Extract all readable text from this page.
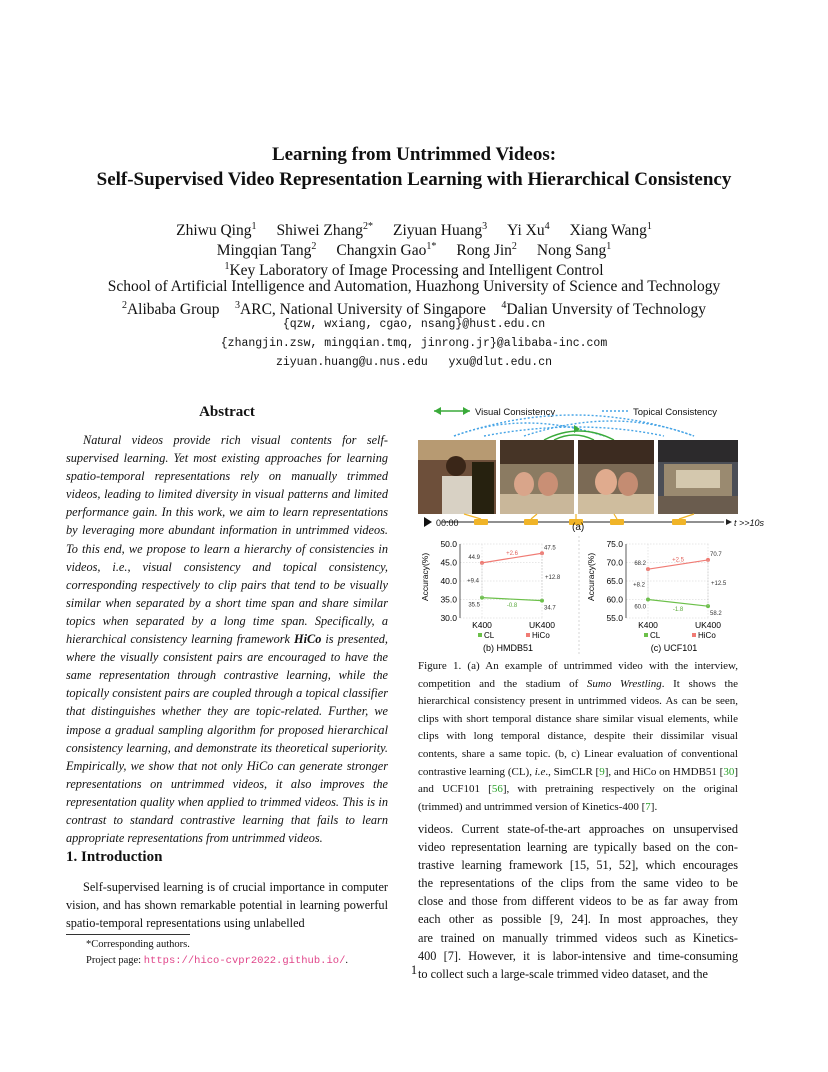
Learning from Untrimmed Videos:
Self-Supervised Video Representation Learning with Hierarchical Consistency
Zhiwu Qing$^1$ Shiwei Zhang$^{2*}$ Ziyuan Huang$^3$ Yi Xu$^4$ Xiang Wang$^1$
Mingqian Tang$^2$ Changxin Gao$^{1*}$ Rong Jin$^2$ Nong Sang$^1$
$^1$Key Laboratory of Image Processing and Intelligent Control
School of Artificial Intelligence and Automation, Huazhong University of Science and Technology
$^2$Alibaba Group $^3$ARC, National University of Singapore $^4$Dalian Unversity of Technology
{qzw, wxiang, cgao, nsang}@hust.edu.cn
{zhangjin.zsw, mingqian.tmq, jinrong.jr}@alibaba-inc.com
ziyuan.huang@u.nus.edu   yxu@dlut.edu.cn
Abstract
Natural videos provide rich visual contents for self-supervised learning. Yet most existing approaches for learning spatio-temporal representations rely on manually trimmed videos, leading to limited diversity in visual patterns and limited performance gain. In this work, we aim to learn representations by leveraging more abundant information in untrimmed videos. To this end, we propose to learn a hierarchy of consistencies in videos, i.e., visual consistency and topical consistency, corresponding respectively to clip pairs that tend to be visually similar when separated by a short time span and share similar topics when separated by a long time span. Specifically, a hierarchical consistency learning framework HiCo is presented, where the visually consistent pairs are encouraged to have the same representation through contrastive learning, while the topically consistent pairs are coupled through a topical classifier that distinguishes whether they are topic-related. Further, we impose a gradual sampling algorithm for proposed hierarchical consistency learning, and demonstrate its theoretical superiority. Empirically, we show that not only HiCo can generate stronger representations on untrimmed videos, it also improves the representation quality when applied to trimmed videos. This is in contrast to standard contrastive learning that fails to learn appropriate representations from untrimmed videos.
1. Introduction
Self-supervised learning is of crucial importance in computer vision, and has shown remarkable potential in learning powerful spatio-temporal representations using unlabelled
*Corresponding authors.
Project page: https://hico-cvpr2022.github.io/.
Visual Consistency	Topical Consistency
00:00	t >>10s
(a)
Accuracy(%)
30.0
35.0
40.0
45.0
50.0
K400	UK400
35.5	34.7
44.9
47.5
+2.6
-0.8
+9.4
+12.8
CL	HiCo
(b) HMDB51
Accuracy(%)
55.0
60.0
65.0
70.0
75.0
K400	UK400
60.0
58.2
68.2
70.7
+2.5
-1.8
+8.2	+12.5
CL	HiCo
(c) UCF101
Figure 1. (a) An example of untrimmed video with the interview, competition and the stadium of Sumo Wrestling. It shows the hierarchical consistency present in untrimmed videos. As can be seen, clips with short temporal distance share similar visual elements, while clips with long temporal distance, despite their dissimilar visual contents, share a same topic. (b, c) Linear evaluation of conventional contrastive learning (CL), i.e., SimCLR [9], and HiCo on HMDB51 [30] and UCF101 [56], with pretraining respectively on the original (trimmed) and untrimmed version of Kinetics-400 [7].
videos. Current state-of-the-art approaches on unsupervised
video representation learning are typically based on the con-
trastive learning framework [15, 51, 52], which encourages
the representations of the clips from the same video to be
close and those from different videos to be as far away from
each other as possible [9, 24]. In most approaches, they
are trained on manually trimmed videos such as Kinetics-
400 [7]. However, it is labor-intensive and time-consuming
to collect such a large-scale trimmed video dataset, and the
1
